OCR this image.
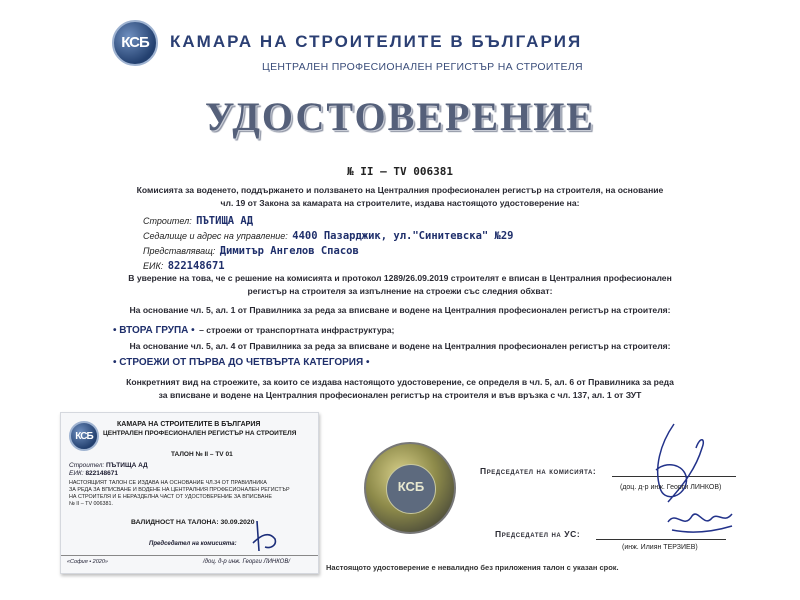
КСБ	КАМАРА НА СТРОИТЕЛИТЕ В БЪЛГАРИЯ
ЦЕНТРАЛЕН ПРОФЕСИОНАЛЕН РЕГИСТЪР НА СТРОИТЕЛЯ
УДОСТОВЕРЕНИЕ
№ II – TV 006381
Комисията за воденето, поддържането и ползването на Централния професионален регистър на строителя, на основание
чл. 19 от Закона за камарата на строителите, издава настоящото удостоверение на:
Строител: ПЪТИЩА АД
Седалище и адрес на управление: 4400 Пазарджик, ул."Синитевска" №29
Представляващ: Димитър Ангелов Спасов
ЕИК: 822148671
В уверение на това, че с решение на комисията и протокол 1289/26.09.2019 строителят е вписан в Централния професионален
регистър на строителя за изпълнение на строежи със следния обхват:
На основание чл. 5, ал. 1 от Правилника за реда за вписване и водене на Централния професионален регистър на строителя:
• ВТОРА ГРУПА • – строежи от транспортната инфраструктура;
На основание чл. 5, ал. 4 от Правилника за реда за вписване и водене на Централния професионален регистър на строителя:
• СТРОЕЖИ ОТ ПЪРВА ДО ЧЕТВЪРТА КАТЕГОРИЯ •
Конкретният вид на строежите, за които се издава настоящото удостоверение, се определя в чл. 5, ал. 6 от Правилника за реда
за вписване и водене на Централния професионален регистър на строителя и във връзка с чл. 137, ал. 1 от ЗУТ
КСБ
КАМАРА НА СТРОИТЕЛИТЕ В БЪЛГАРИЯ
ЦЕНТРАЛЕН ПРОФЕСИОНАЛЕН РЕГИСТЪР НА СТРОИТЕЛЯ
ТАЛОН № II – TV 01
Строител: ПЪТИЩА АД
ЕИК: 822148671
НАСТОЯЩИЯТ ТАЛОН СЕ ИЗДАВА НА ОСНОВАНИЕ ЧЛ.34 ОТ ПРАВИЛНИКА
ЗА РЕДА ЗА ВПИСВАНЕ И ВОДЕНЕ НА ЦЕНТРАЛНИЯ ПРОФЕСИОНАЛЕН РЕГИСТЪР
НА СТРОИТЕЛЯ И Е НЕРАЗДЕЛНА ЧАСТ ОТ УДОСТОВЕРЕНИЕ ЗА ВПИСВАНЕ
№ II – TV 006381.
ВАЛИДНОСТ НА ТАЛОНА: 30.09.2020
Председател на комисията:
/доц. д-р инж. Георги ЛИНКОВ/
«София • 2020»
КСБ
Председател на комисията:
(доц. д-р инж. Георги ЛИНКОВ)
Председател на УС:
(инж. Илиян ТЕРЗИЕВ)
Настоящото удостоверение е невалидно без приложения талон с указан срок.
